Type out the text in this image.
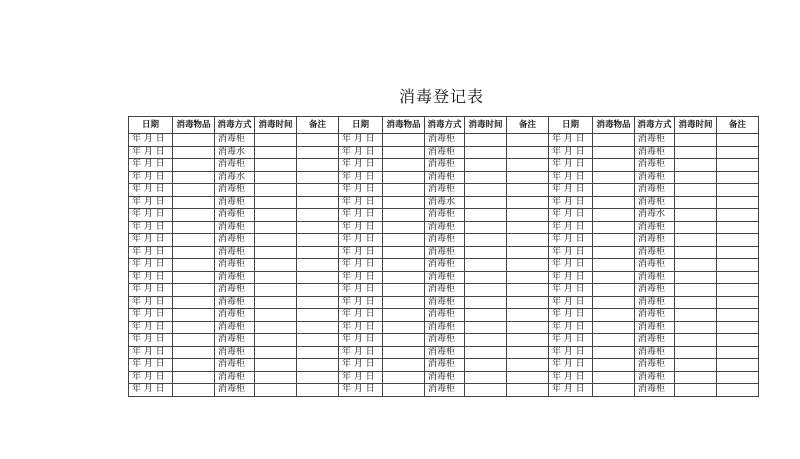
消毒登记表
日期	消毒物品	消毒方式	消毒时间	备注	日期	消毒物品	消毒方式	消毒时间	备注	日期	消毒物品	消毒方式	消毒时间	备注
年 月 日		消毒柜			年 月 日		消毒柜			年 月 日		消毒柜		
年 月 日		消毒水			年 月 日		消毒柜			年 月 日		消毒柜		
年 月 日		消毒柜			年 月 日		消毒柜			年 月 日		消毒柜		
年 月 日		消毒水			年 月 日		消毒柜			年 月 日		消毒柜		
年 月 日		消毒柜			年 月 日		消毒柜			年 月 日		消毒柜		
年 月 日		消毒柜			年 月 日		消毒水			年 月 日		消毒柜		
年 月 日		消毒柜			年 月 日		消毒柜			年 月 日		消毒水		
年 月 日		消毒柜			年 月 日		消毒柜			年 月 日		消毒柜		
年 月 日		消毒柜			年 月 日		消毒柜			年 月 日		消毒柜		
年 月 日		消毒柜			年 月 日		消毒柜			年 月 日		消毒柜		
年 月 日		消毒柜			年 月 日		消毒柜			年 月 日		消毒柜		
年 月 日		消毒柜			年 月 日		消毒柜			年 月 日		消毒柜		
年 月 日		消毒柜			年 月 日		消毒柜			年 月 日		消毒柜		
年 月 日		消毒柜			年 月 日		消毒柜			年 月 日		消毒柜		
年 月 日		消毒柜			年 月 日		消毒柜			年 月 日		消毒柜		
年 月 日		消毒柜			年 月 日		消毒柜			年 月 日		消毒柜		
年 月 日		消毒柜			年 月 日		消毒柜			年 月 日		消毒柜		
年 月 日		消毒柜			年 月 日		消毒柜			年 月 日		消毒柜		
年 月 日		消毒柜			年 月 日		消毒柜			年 月 日		消毒柜		
年 月 日		消毒柜			年 月 日		消毒柜			年 月 日		消毒柜		
年 月 日		消毒柜			年 月 日		消毒柜			年 月 日		消毒柜		
